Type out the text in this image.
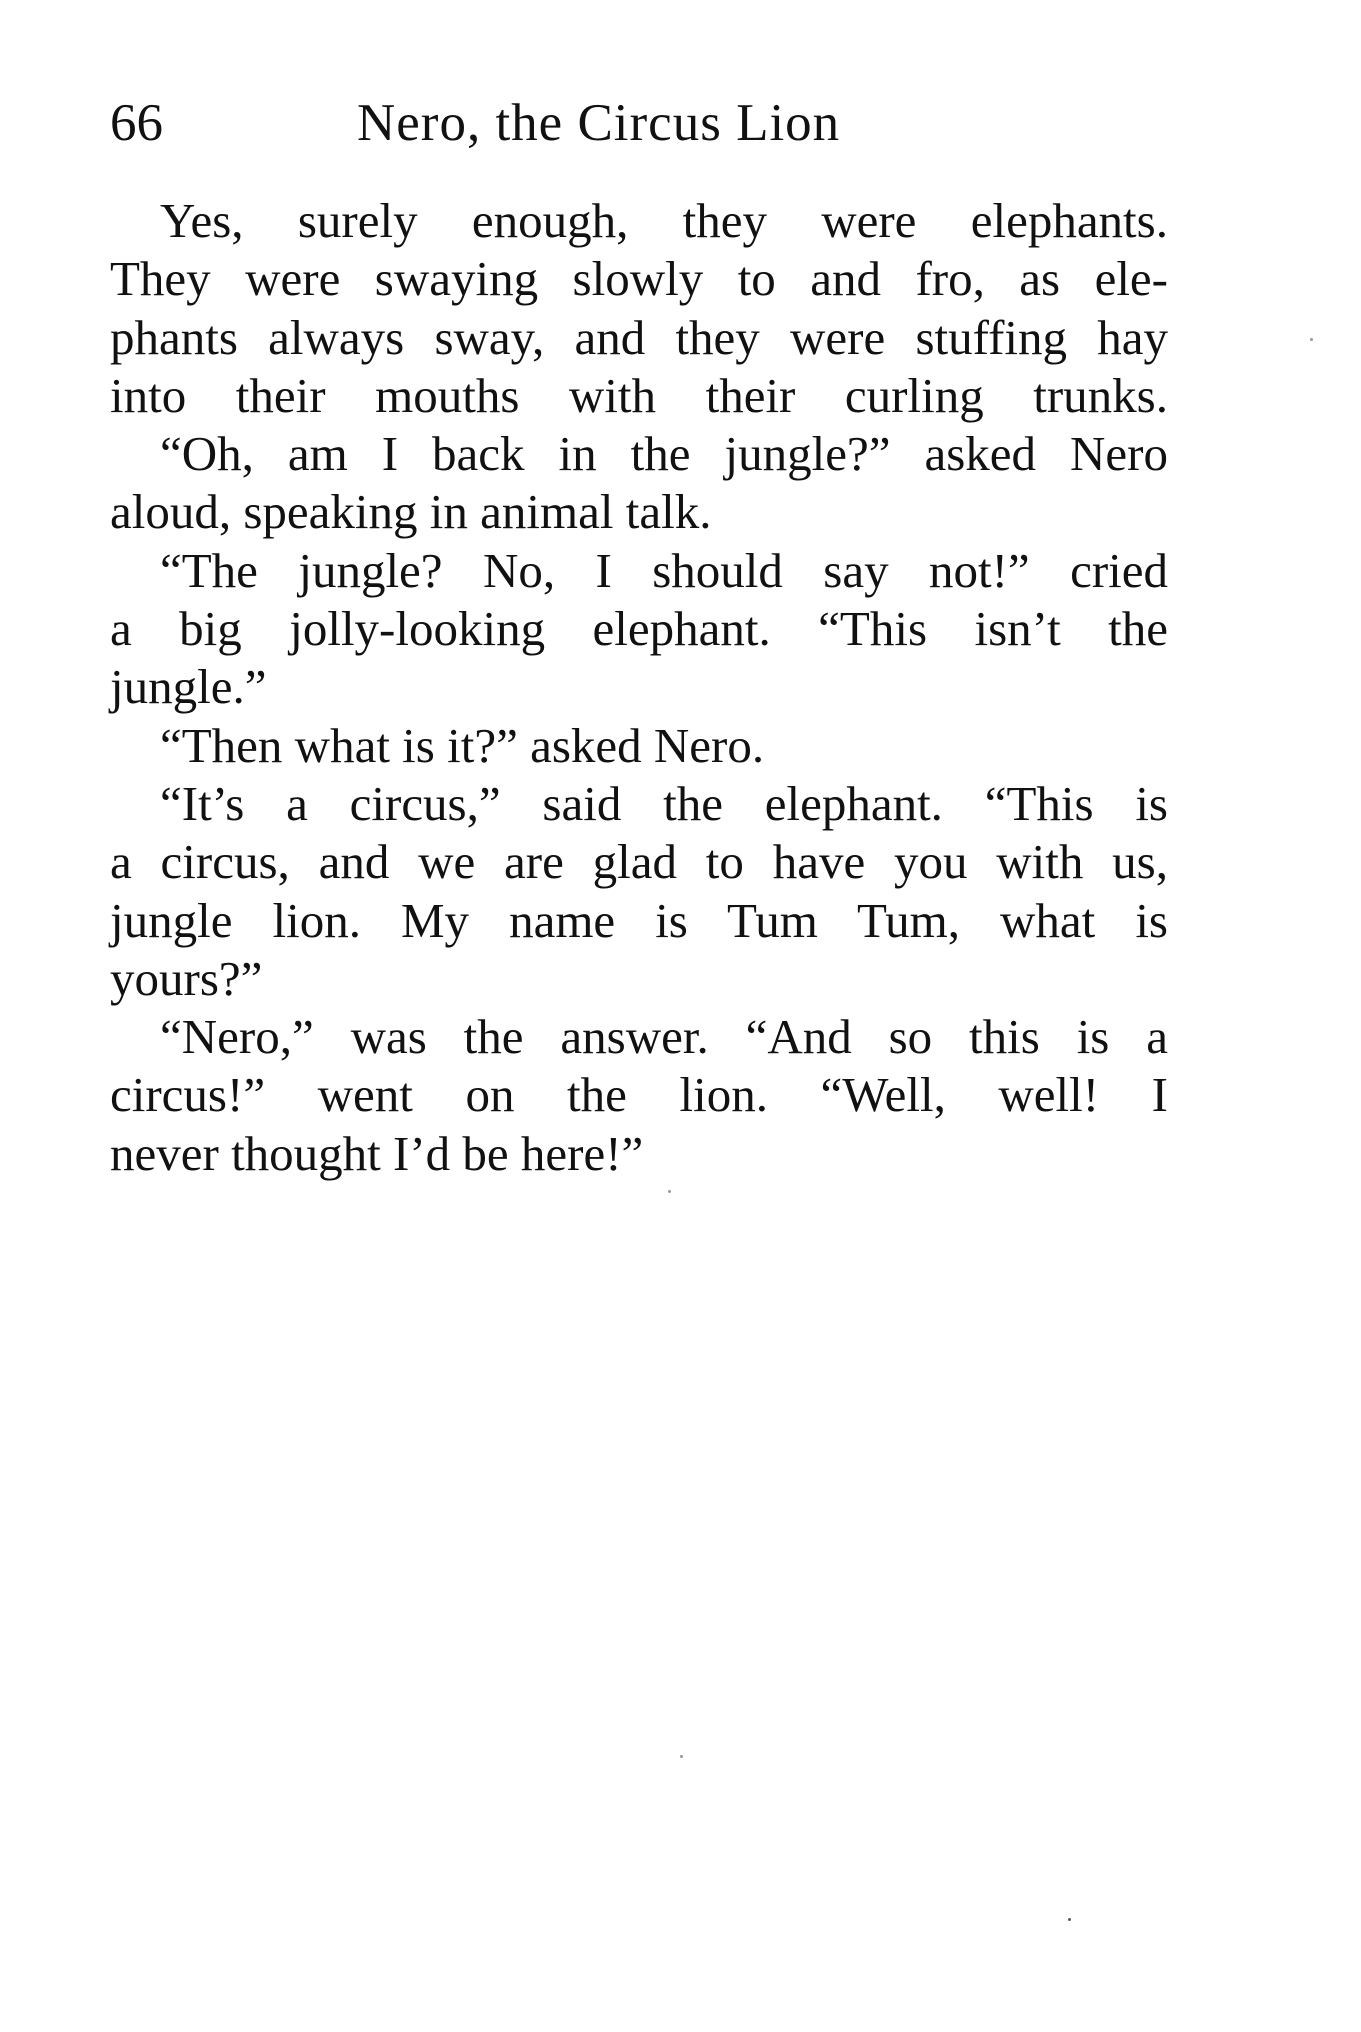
66	Nero, the Circus Lion
Yes, surely enough, they were elephants.
They were swaying slowly to and fro, as ele-
phants always sway, and they were stuffing hay
into their mouths with their curling trunks.
“Oh, am I back in the jungle?” asked Nero
aloud, speaking in animal talk.
“The jungle? No, I should say not!” cried
a big jolly-looking elephant. “This isn’t the
jungle.”
“Then what is it?” asked Nero.
“It’s a circus,” said the elephant. “This is
a circus, and we are glad to have you with us,
jungle lion. My name is Tum Tum, what is
yours?”
“Nero,” was the answer. “And so this is a
circus!” went on the lion. “Well, well! I
never thought I’d be here!”
